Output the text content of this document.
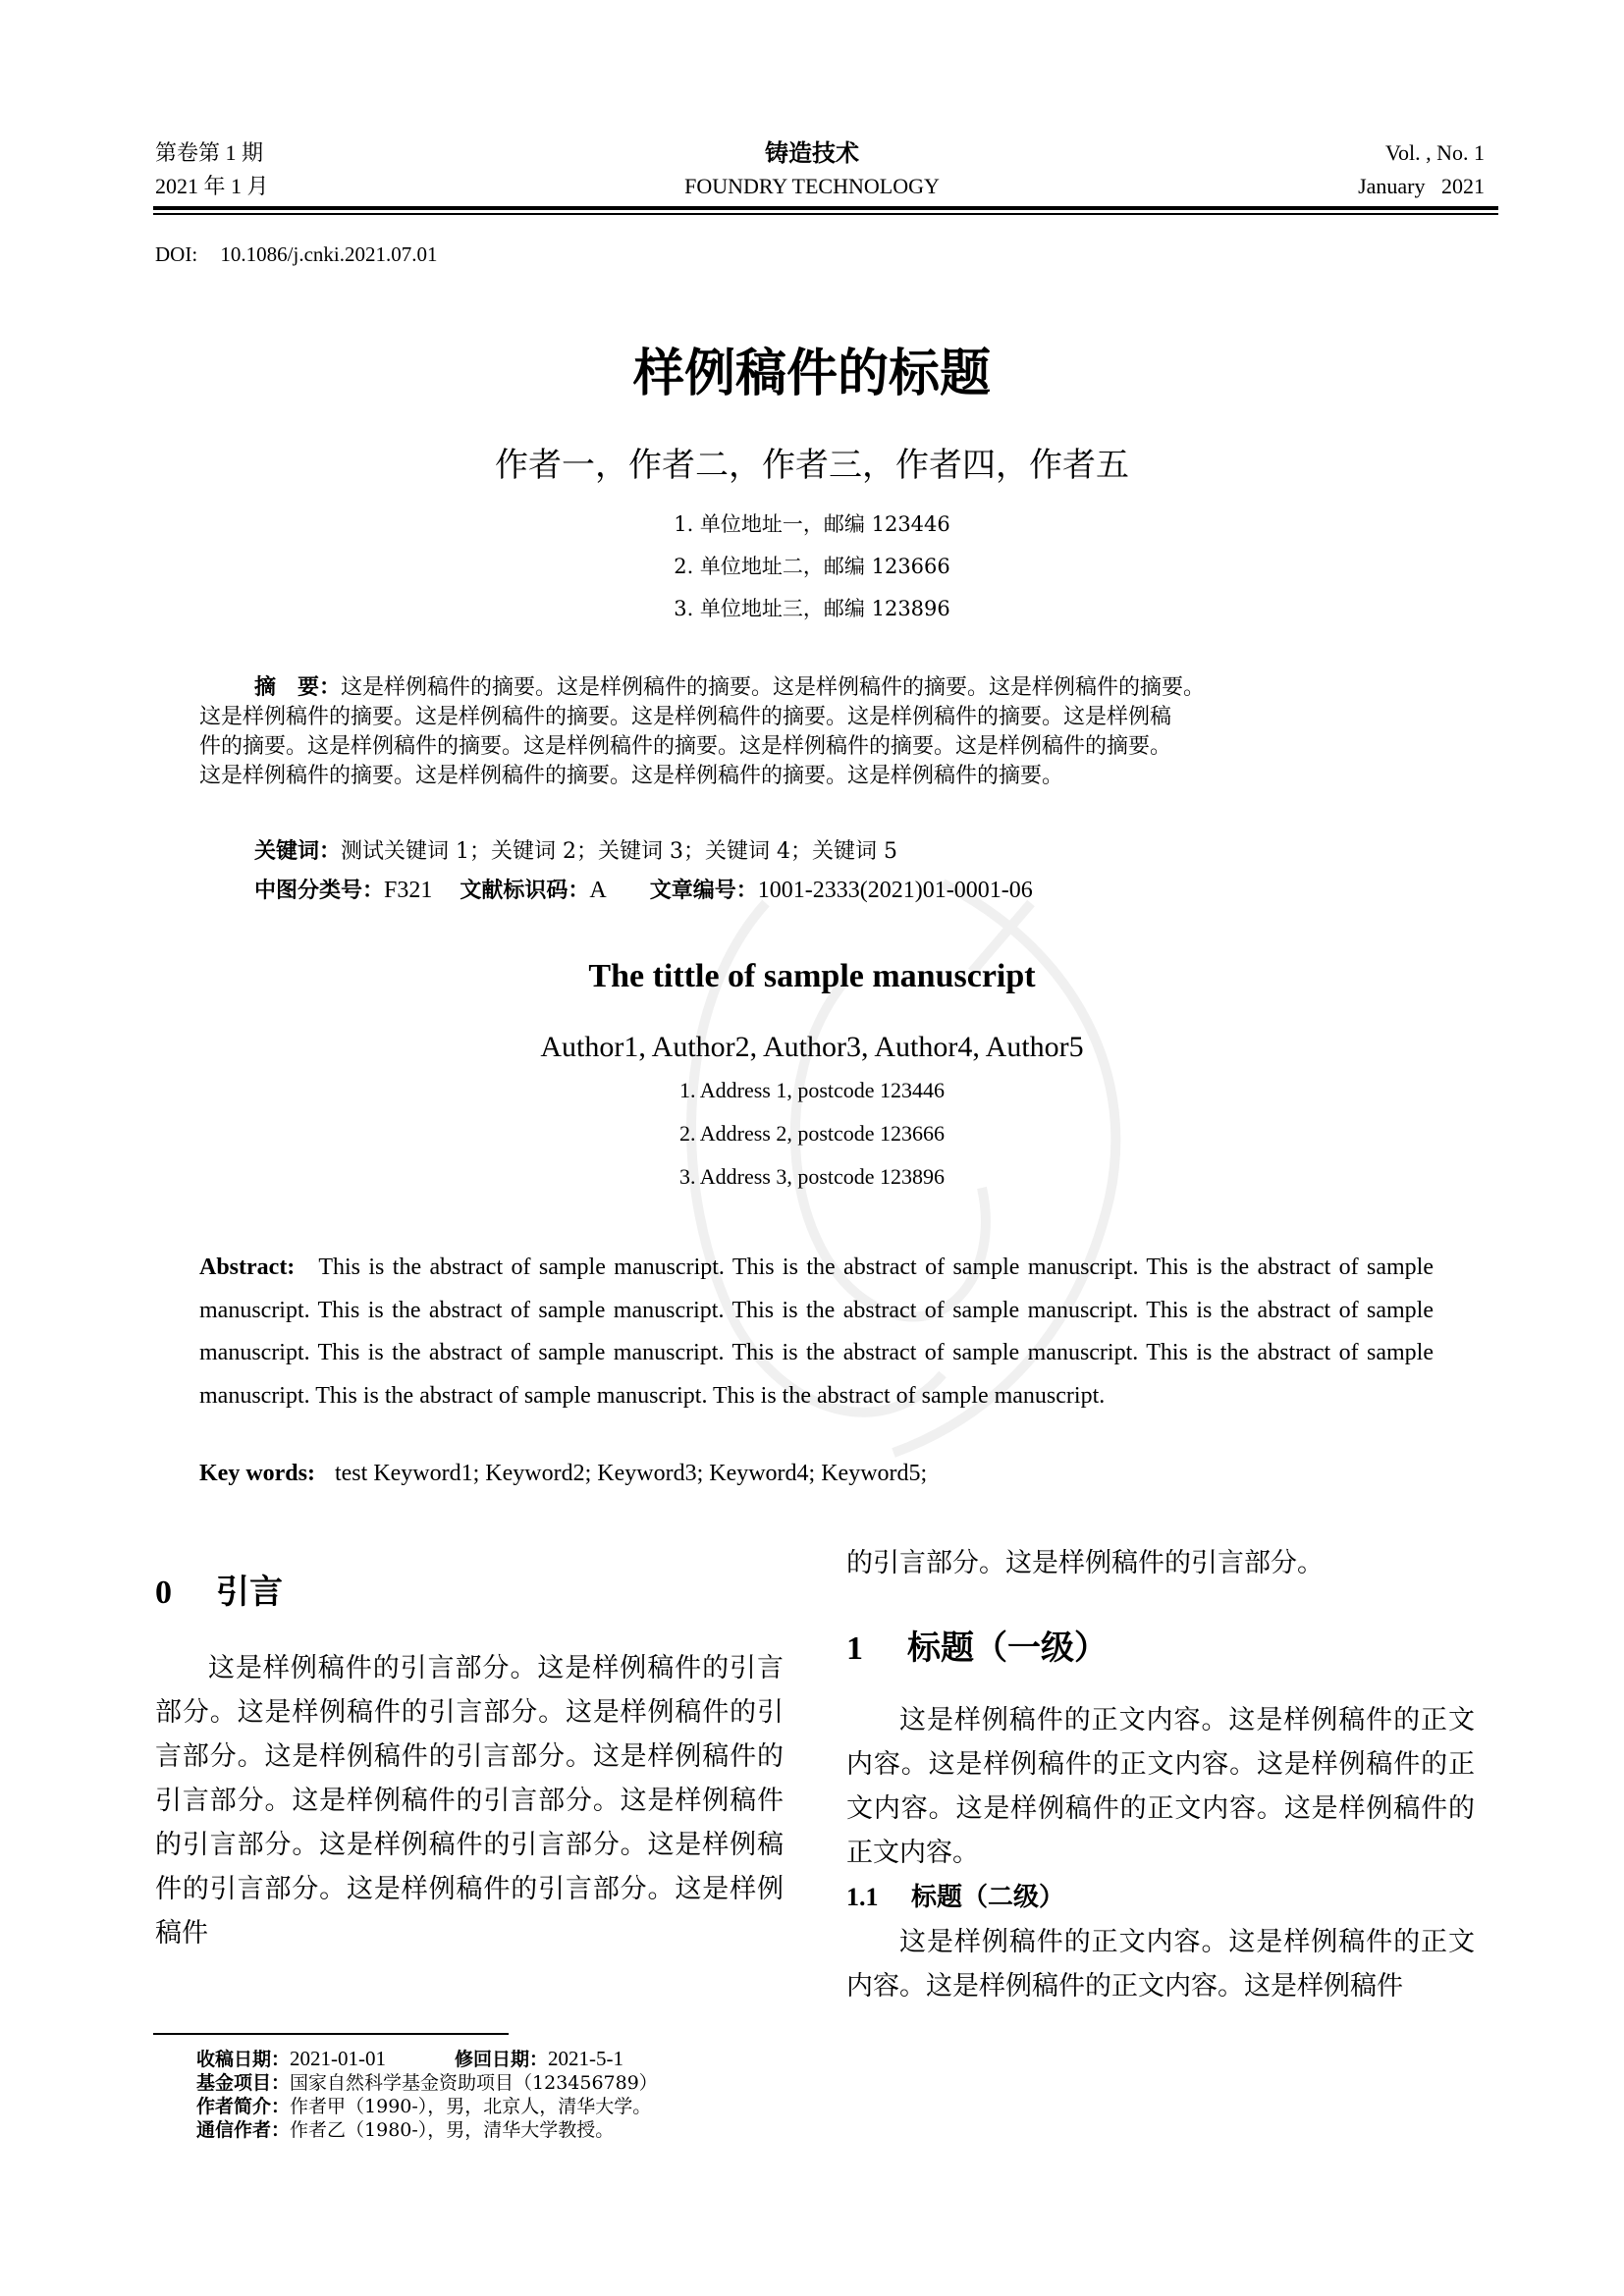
第卷第 1 期
2021 年 1 月
铸造技术
FOUNDRY TECHNOLOGY
Vol. , No. 1
January   2021
DOI: 10.1086/j.cnki.2021.07.01
样例稿件的标题
作者一，作者二，作者三，作者四，作者五
1. 单位地址一，邮编 123446
2. 单位地址二，邮编 123666
3. 单位地址三，邮编 123896
摘　要：这是样例稿件的摘要。这是样例稿件的摘要。这是样例稿件的摘要。这是样例稿件的摘要。
这是样例稿件的摘要。这是样例稿件的摘要。这是样例稿件的摘要。这是样例稿件的摘要。这是样例稿
件的摘要。这是样例稿件的摘要。这是样例稿件的摘要。这是样例稿件的摘要。这是样例稿件的摘要。
这是样例稿件的摘要。这是样例稿件的摘要。这是样例稿件的摘要。这是样例稿件的摘要。
关键词：测试关键词 1；关键词 2；关键词 3；关键词 4；关键词 5
中图分类号：F321 文献标识码：A 文章编号：1001-2333(2021)01-0001-06
The tittle of sample manuscript
Author1, Author2, Author3, Author4, Author5
1. Address 1, postcode 123446
2. Address 2, postcode 123666
3. Address 3, postcode 123896
Abstract: This is the abstract of sample manuscript. This is the abstract of sample manuscript. This is the abstract of sample manuscript. This is the abstract of sample manuscript. This is the abstract of sample manuscript. This is the abstract of sample manuscript. This is the abstract of sample manuscript. This is the abstract of sample manuscript. This is the abstract of sample manuscript. This is the abstract of sample manuscript. This is the abstract of sample manuscript.
Key words: test Keyword1; Keyword2; Keyword3; Keyword4; Keyword5;
0 引言
这是样例稿件的引言部分。这是样例稿件的引言部分。这是样例稿件的引言部分。这是样例稿件的引言部分。这是样例稿件的引言部分。这是样例稿件的引言部分。这是样例稿件的引言部分。这是样例稿件的引言部分。这是样例稿件的引言部分。这是样例稿件的引言部分。这是样例稿件的引言部分。这是样例稿件
的引言部分。这是样例稿件的引言部分。
1 标题（一级）
这是样例稿件的正文内容。这是样例稿件的正文内容。这是样例稿件的正文内容。这是样例稿件的正文内容。这是样例稿件的正文内容。这是样例稿件的正文内容。
1.1 标题（二级）
这是样例稿件的正文内容。这是样例稿件的正文内容。这是样例稿件的正文内容。这是样例稿件
收稿日期：2021-01-01	修回日期：2021-5-1
基金项目：国家自然科学基金资助项目（123456789）
作者简介：作者甲（1990-），男，北京人，清华大学。
通信作者：作者乙（1980-），男，清华大学教授。
